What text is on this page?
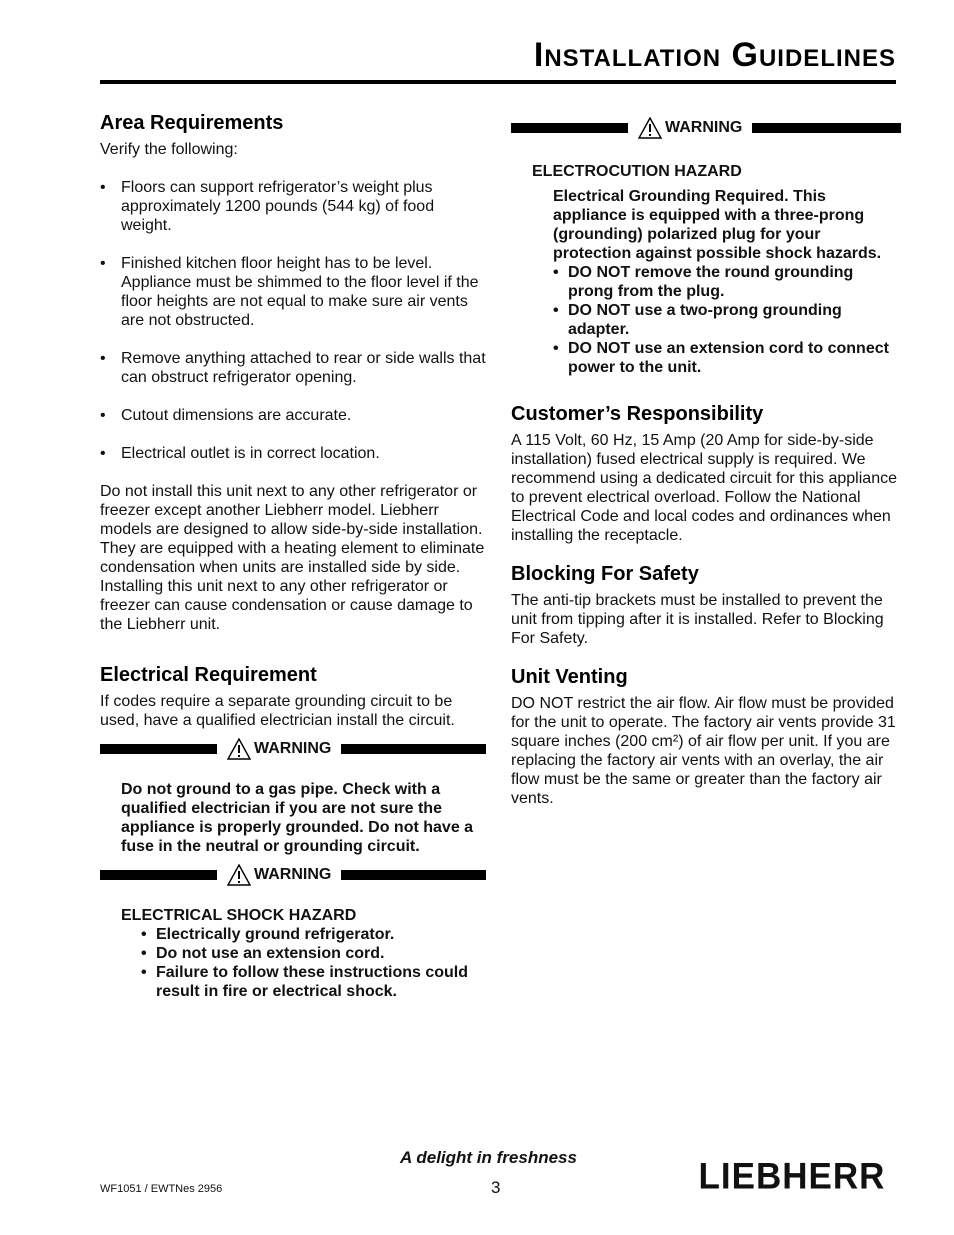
Installation Guidelines
Area Requirements

Verify the following:

• Floors can support refrigerator’s weight plus approximately 1200 pounds (544 kg) of food weight.
• Finished kitchen floor height has to be level. Appliance must be shimmed to the floor level if the floor heights are not equal to make sure air vents are not obstructed.
• Remove anything attached to rear or side walls that can obstruct refrigerator opening.
• Cutout dimensions are accurate.
• Electrical outlet is in correct location.

Do not install this unit next to any other refrigerator or freezer except another Liebherr model. Liebherr models are designed to allow side-by-side installation. They are equipped with a heating element to eliminate condensation when units are installed side by side. Installing this unit next to any other refrigerator or freezer can cause condensation or cause damage to the Liebherr unit.

Electrical Requirement

If codes require a separate grounding circuit to be used, have a qualified electrician install the circuit.

WARNING
Do not ground to a gas pipe. Check with a qualified electrician if you are not sure the appliance is properly grounded. Do not have a fuse in the neutral or grounding circuit.
WARNING
ELECTRICAL SHOCK HAZARD
• Electrically ground refrigerator.
• Do not use an extension cord.
• Failure to follow these instructions could result in fire or electrical shock.
WARNING
ELECTROCUTION HAZARD
Electrical Grounding Required. This appliance is equipped with a three-prong (grounding) polarized plug for your protection against possible shock hazards.
• DO NOT remove the round grounding prong from the plug.
• DO NOT use a two-prong grounding adapter.
• DO NOT use an extension cord to connect power to the unit.
Customer’s Responsibility

A 115 Volt, 60 Hz, 15 Amp (20 Amp for side-by-side installation) fused electrical supply is required. We recommend using a dedicated circuit for this appliance to prevent electrical overload. Follow the National Electrical Code and local codes and ordinances when installing the receptacle.

Blocking For Safety

The anti-tip brackets must be installed to prevent the unit from tipping after it is installed. Refer to Blocking For Safety.

Unit Venting

DO NOT restrict the air flow. Air flow must be provided for the unit to operate. The factory air vents provide 31 square inches (200 cm²) of air flow per unit. If you are replacing the factory air vents with an overlay, the air flow must be the same or greater than the factory air vents.

A delight in freshness
3
WF1051 / EWTNes 2956	LIEBHERR
